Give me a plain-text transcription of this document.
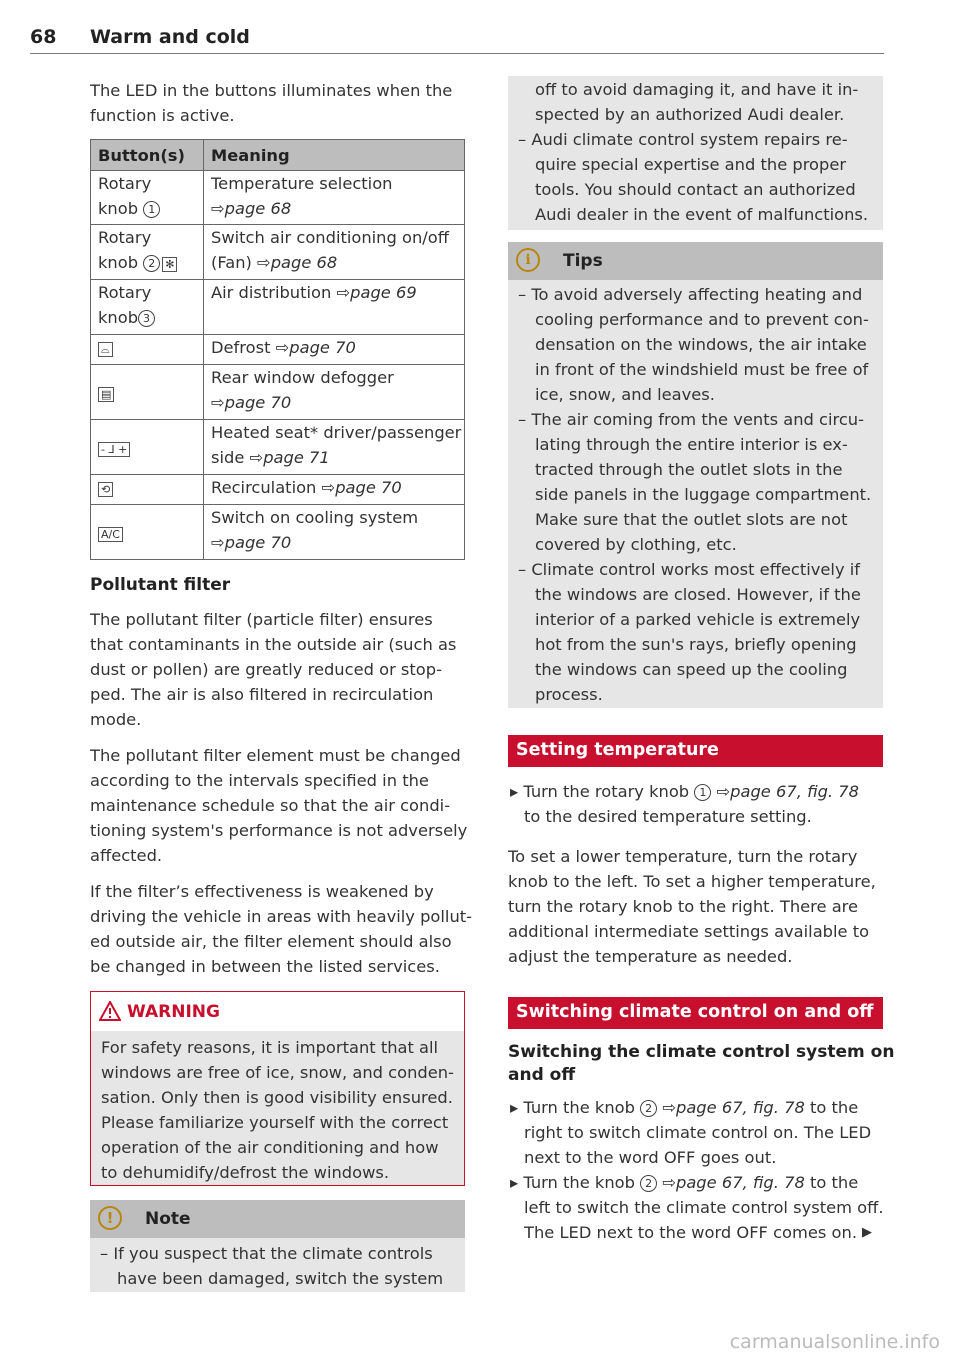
68 Warm and cold
The LED in the buttons illuminates when the
function is active.
Button(s)	Meaning

Rotary
knob 1	Temperature selection
⇨page 68

Rotary
knob 2 ✻	Switch air conditioning on/off
(Fan) ⇨page 68

Rotary
knob 3	Air distribution ⇨page 69

⌓	Defrost ⇨page 70

▤	Rear window defogger
⇨page 70

- ⅃ +	Heated seat* driver/passenger
side ⇨page 71

⟲	Recirculation ⇨page 70

A/C	Switch on cooling system
⇨page 70
Pollutant filter
The pollutant filter (particle filter) ensures
that contaminants in the outside air (such as
dust or pollen) are greatly reduced or stop-
ped. The air is also filtered in recirculation
mode.
The pollutant filter element must be changed
according to the intervals specified in the
maintenance schedule so that the air condi-
tioning system's performance is not adversely
affected.
If the filter’s effectiveness is weakened by
driving the vehicle in areas with heavily pollut-
ed outside air, the filter element should also
be changed in between the listed services.
WARNING
For safety reasons, it is important that all
windows are free of ice, snow, and conden-
sation. Only then is good visibility ensured.
Please familiarize yourself with the correct
operation of the air conditioning and how
to dehumidify/defrost the windows.
!	Note
– If you suspect that the climate controls
have been damaged, switch the system
off to avoid damaging it, and have it in-
spected by an authorized Audi dealer.
– Audi climate control system repairs re-
quire special expertise and the proper
tools. You should contact an authorized
Audi dealer in the event of malfunctions.
i	Tips
– To avoid adversely affecting heating and
cooling performance and to prevent con-
densation on the windows, the air intake
in front of the windshield must be free of
ice, snow, and leaves.
– The air coming from the vents and circu-
lating through the entire interior is ex-
tracted through the outlet slots in the
side panels in the luggage compartment.
Make sure that the outlet slots are not
covered by clothing, etc.
– Climate control works most effectively if
the windows are closed. However, if the
interior of a parked vehicle is extremely
hot from the sun's rays, briefly opening
the windows can speed up the cooling
process.
Setting temperature
▸ Turn the rotary knob 1 ⇨page 67, fig. 78
to the desired temperature setting.
To set a lower temperature, turn the rotary
knob to the left. To set a higher temperature,
turn the rotary knob to the right. There are
additional intermediate settings available to
adjust the temperature as needed.
Switching climate control on and off
Switching the climate control system on
and off
▸ Turn the knob 2 ⇨page 67, fig. 78 to the
right to switch climate control on. The LED
next to the word OFF goes out.
▸ Turn the knob 2 ⇨page 67, fig. 78 to the
left to switch the climate control system off.
The LED next to the word OFF comes on. ▶
carmanualsonline.info
